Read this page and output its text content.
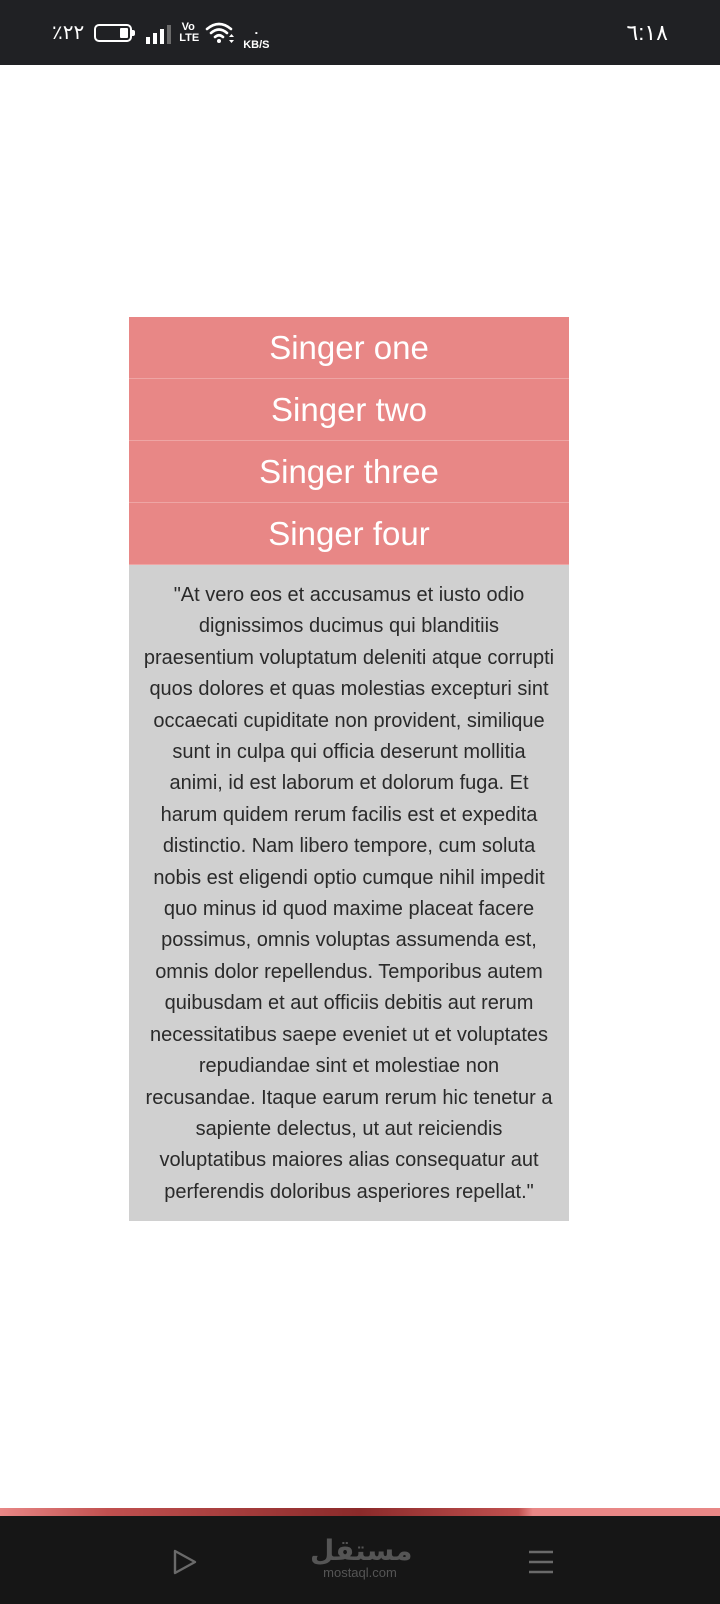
٪٢٢	Vo
LTE	٠
KB/S	٦:١٨
Singer one
Singer two
Singer three
Singer four
"At vero eos et accusamus et iusto odio dignissimos ducimus qui blanditiis praesentium voluptatum deleniti atque corrupti quos dolores et quas molestias excepturi sint occaecati cupiditate non provident, similique sunt in culpa qui officia deserunt mollitia animi, id est laborum et dolorum fuga. Et harum quidem rerum facilis est et expedita distinctio. Nam libero tempore, cum soluta nobis est eligendi optio cumque nihil impedit quo minus id quod maxime placeat facere possimus, omnis voluptas assumenda est, omnis dolor repellendus. Temporibus autem quibusdam et aut officiis debitis aut rerum necessitatibus saepe eveniet ut et voluptates repudiandae sint et molestiae non recusandae. Itaque earum rerum hic tenetur a sapiente delectus, ut aut reiciendis voluptatibus maiores alias consequatur aut perferendis doloribus asperiores repellat."
مستقل
mostaql.com
